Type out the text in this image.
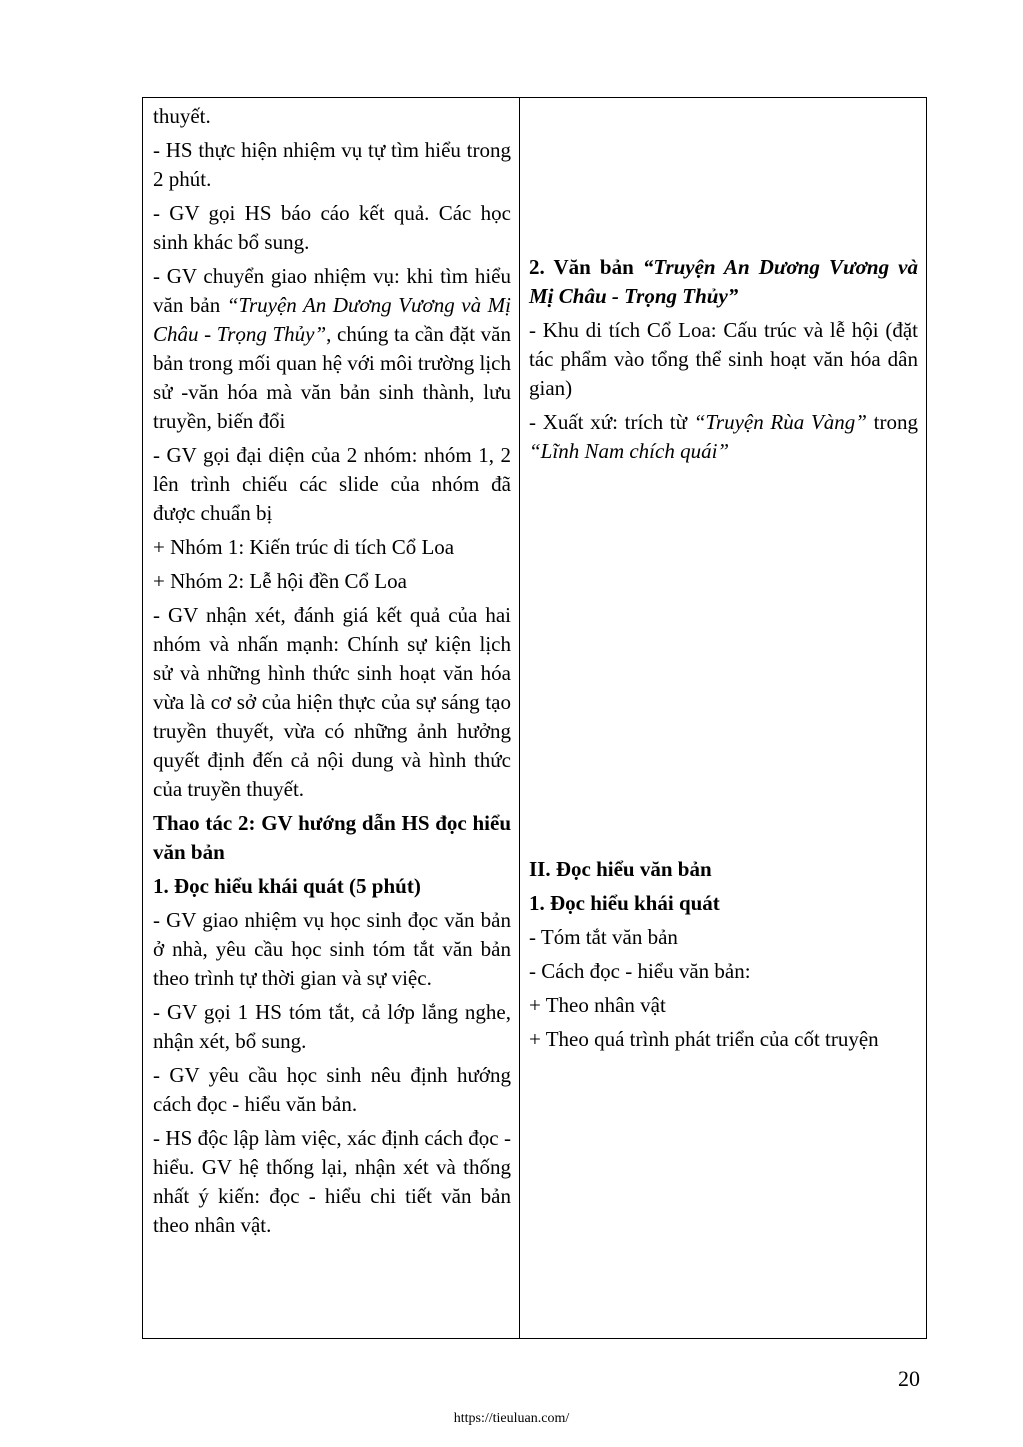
thuyết.

- HS thực hiện nhiệm vụ tự tìm hiểu trong 2 phút.

- GV gọi HS báo cáo kết quả. Các học sinh khác bổ sung.

- GV chuyển giao nhiệm vụ: khi tìm hiểu văn bản “Truyện An Dương Vương và Mị Châu - Trọng Thủy”, chúng ta cần đặt văn bản trong mối quan hệ với môi trường lịch sử -văn hóa mà văn bản sinh thành, lưu truyền, biến đổi

- GV gọi đại diện của 2 nhóm: nhóm 1, 2 lên trình chiếu các slide của nhóm đã được chuẩn bị

+ Nhóm 1: Kiến trúc di tích Cổ Loa

+ Nhóm 2: Lễ hội đền Cổ Loa

- GV nhận xét, đánh giá kết quả của hai nhóm và nhấn mạnh: Chính sự kiện lịch sử và những hình thức sinh hoạt văn hóa vừa là cơ sở của hiện thực của sự sáng tạo truyền thuyết, vừa có những ảnh hưởng quyết định đến cả nội dung và hình thức của truyền thuyết.

Thao tác 2: GV hướng dẫn HS đọc hiểu văn bản

1. Đọc hiểu khái quát (5 phút)

- GV giao nhiệm vụ học sinh đọc văn bản ở nhà, yêu cầu học sinh tóm tắt văn bản theo trình tự thời gian và sự việc.

- GV gọi 1 HS tóm tắt, cả lớp lắng nghe, nhận xét, bổ sung.

- GV yêu cầu học sinh nêu định hướng cách đọc - hiểu văn bản.

- HS độc lập làm việc, xác định cách đọc - hiểu. GV hệ thống lại, nhận xét và thống nhất ý kiến: đọc - hiểu chi tiết văn bản theo nhân vật.

2. Văn bản “Truyện An Dương Vương và Mị Châu - Trọng Thủy”

- Khu di tích Cổ Loa: Cấu trúc và lễ hội (đặt tác phẩm vào tổng thể sinh hoạt văn hóa dân gian)

- Xuất xứ: trích từ “Truyện Rùa Vàng” trong “Lĩnh Nam chích quái”

II. Đọc hiểu văn bản

1. Đọc hiểu khái quát

- Tóm tắt văn bản

- Cách đọc - hiểu văn bản:

+ Theo nhân vật

+ Theo quá trình phát triển của cốt truyện

20
https://tieuluan.com/
